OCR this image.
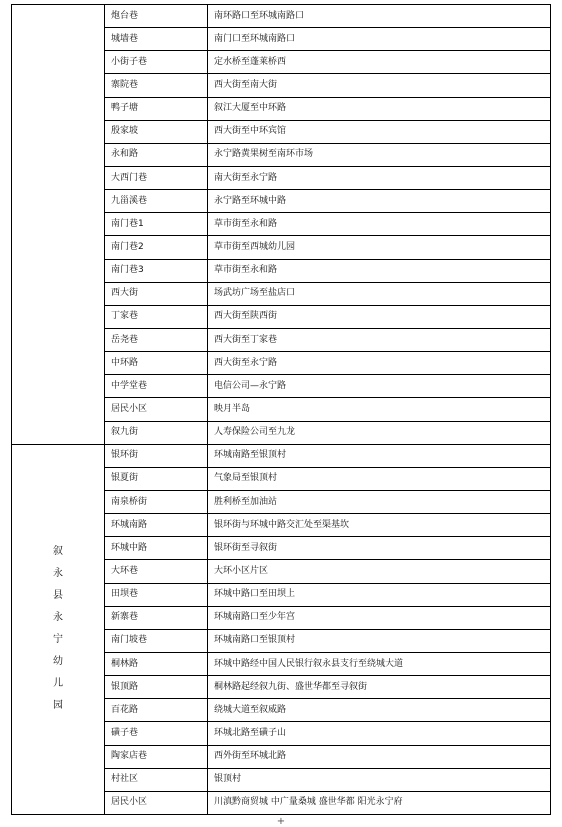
	炮台巷	南环路口至环城南路口
	城墙巷	南门口至环城南路口
	小街子巷	定水桥至蓬莱桥西
	寨院巷	西大街至南大街
	鸭子塘	叙江大厦至中环路
	殷家坡	西大街至中环宾馆
	永和路	永宁路黄果树至南环市场
	大西门巷	南大街至永宁路
	九甾溪巷	永宁路至环城中路
	南门巷1	草市街至永和路
	南门巷2	草市街至西城幼儿园
	南门巷3	草市街至永和路
	西大街	场武坊广场至盐店口
	丁家巷	西大街至陕西街
	岳尧巷	西大街至丁家巷
	中环路	西大街至永宁路
	中学堂巷	电信公司—永宁路
	居民小区	映月半岛
	叙九街	人寿保险公司至九龙
叙永县永宁幼儿园	银环街	环城南路至银顶村
	银夏街	气象局至银顶村
	南泉桥街	胜利桥至加油站
	环城南路	银环街与环城中路交汇处至渠基坎
	环城中路	银环街至寻叙街
	大环巷	大环小区片区
	田坝巷	环城中路口至田坝上
	新寨巷	环城南路口至少年宫
	南门坡巷	环城南路口至银顶村
	桐林路	环城中路经中国人民银行叙永县支行至绕城大道
	银顶路	桐林路起经叙九街、盛世华都至寻叙街
	百花路	绕城大道至叙威路
	磺子巷	环城北路至磺子山
	陶家店巷	西外街至环城北路
	村社区	银顶村
	居民小区	川滇黔商贸城 中广量桑城 盛世华都 阳光永宁府
+
